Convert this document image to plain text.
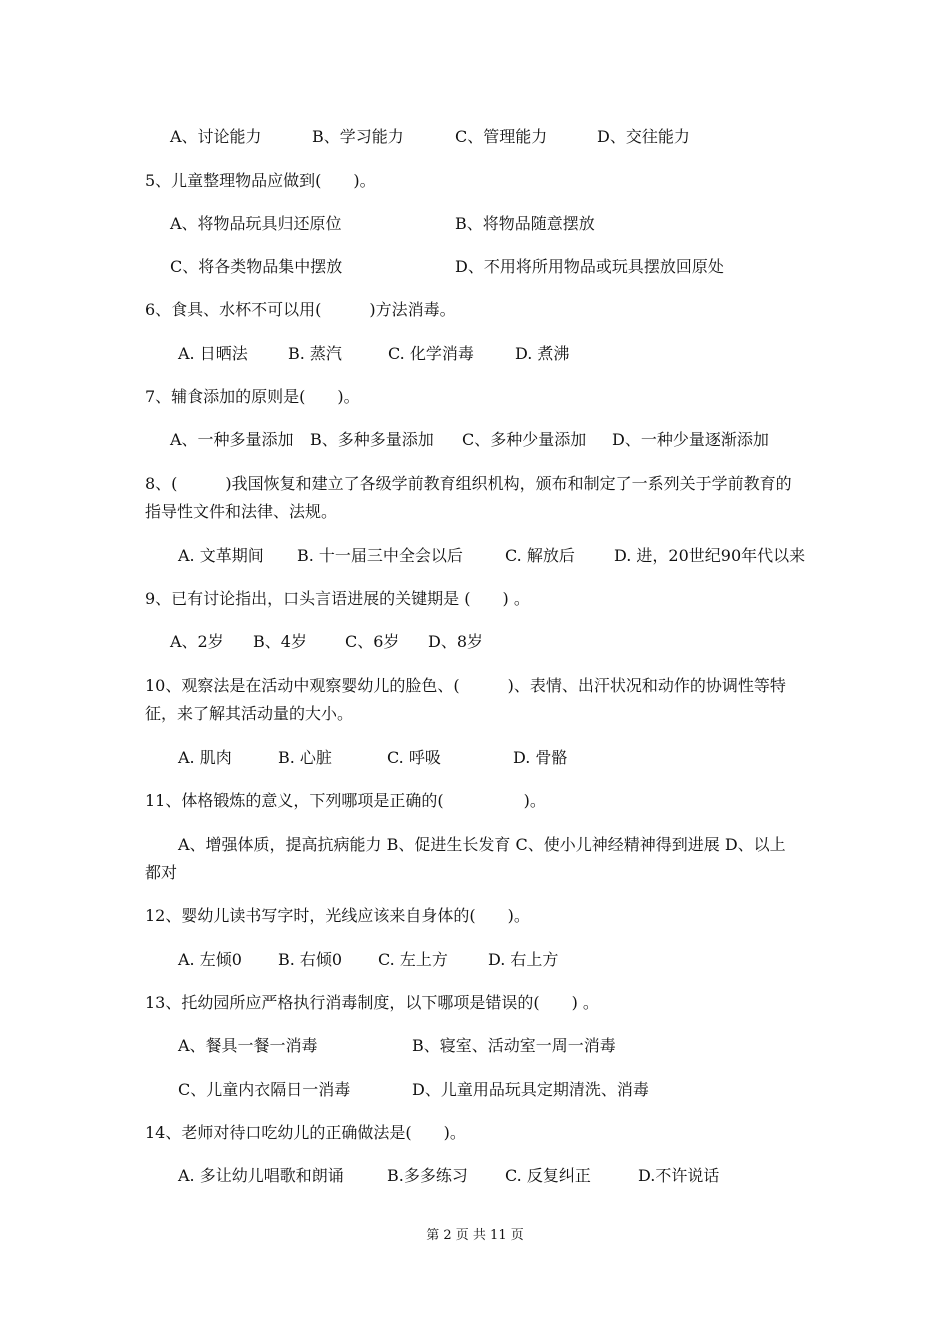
A、讨论能力	B、学习能力	C、管理能力	D、交往能力
5、儿童整理物品应做到(　　)。
A、将物品玩具归还原位	B、将物品随意摆放
C、将各类物品集中摆放	D、不用将所用物品或玩具摆放回原处
6、食具、水杯不可以用(　　　)方法消毒。
A. 日晒法	B. 蒸汽	C. 化学消毒	D. 煮沸
7、辅食添加的原则是(　　)。
A、一种多量添加 B、多种多量添加 C、多种少量添加 D、一种少量逐渐添加
8、(　　　)我国恢复和建立了各级学前教育组织机构，颁布和制定了一系列关于学前教育的
指导性文件和法律、法规。
A. 文革期间 B. 十一届三中全会以后	C. 解放后 D. 进，20世纪90年代以来
9、已有讨论指出，口头言语进展的关键期是 (　　) 。
A、2岁 B、4岁 C、6岁 D、8岁
10、观察法是在活动中观察婴幼儿的脸色、(　　　)、表情、出汗状况和动作的协调性等特
征，来了解其活动量的大小。
A. 肌肉	B. 心脏	C. 呼吸	D. 骨骼
11、体格锻炼的意义，下列哪项是正确的(　　　　　)。
A、增强体质，提高抗病能力 B、促进生长发育 C、使小儿神经精神得到进展 D、以上
都对
12、婴幼儿读书写字时，光线应该来自身体的(　　)。
A. 左倾0 B. 右倾0 C. 左上方	D. 右上方
13、托幼园所应严格执行消毒制度，以下哪项是错误的(　　) 。
A、餐具一餐一消毒	B、寝室、活动室一周一消毒
C、儿童内衣隔日一消毒	D、儿童用品玩具定期清洗、消毒
14、老师对待口吃幼儿的正确做法是(　　)。
A. 多让幼儿唱歌和朗诵	B.多多练习 C. 反复纠正	D.不许说话
第 2 页 共 11 页
